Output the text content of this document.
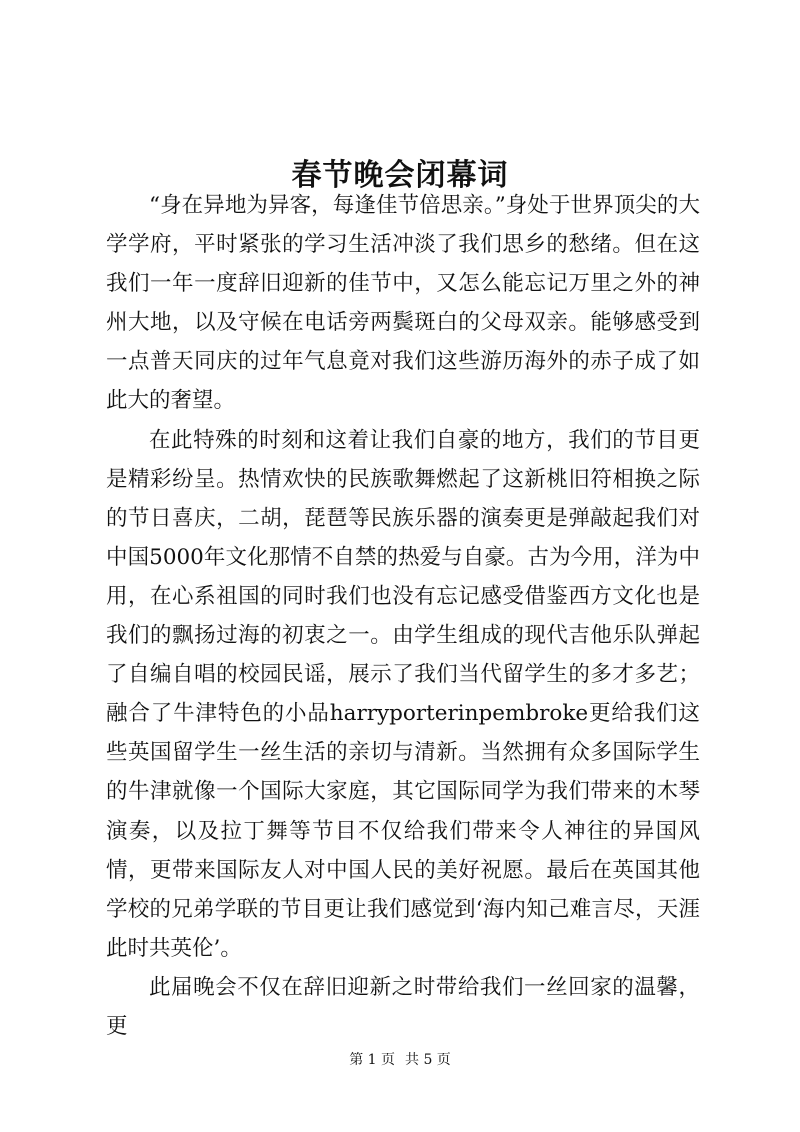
春节晚会闭幕词

“身在异地为异客，每逢佳节倍思亲。”身处于世界顶尖的大学学府，平时紧张的学习生活冲淡了我们思乡的愁绪。但在这我们一年一度辞旧迎新的佳节中，又怎么能忘记万里之外的神州大地，以及守候在电话旁两鬓斑白的父母双亲。能够感受到一点普天同庆的过年气息竟对我们这些游历海外的赤子成了如此大的奢望。

在此特殊的时刻和这着让我们自豪的地方，我们的节目更是精彩纷呈。热情欢快的民族歌舞燃起了这新桃旧符相换之际的节日喜庆，二胡，琵琶等民族乐器的演奏更是弹敲起我们对中国5000年文化那情不自禁的热爱与自豪。古为今用，洋为中用，在心系祖国的同时我们也没有忘记感受借鉴西方文化也是我们的飘扬过海的初衷之一。由学生组成的现代吉他乐队弹起了自编自唱的校园民谣，展示了我们当代留学生的多才多艺；融合了牛津特色的小品harryporterinpembroke更给我们这些英国留学生一丝生活的亲切与清新。当然拥有众多国际学生的牛津就像一个国际大家庭，其它国际同学为我们带来的木琴演奏，以及拉丁舞等节目不仅给我们带来令人神往的异国风情，更带来国际友人对中国人民的美好祝愿。最后在英国其他学校的兄弟学联的节目更让我们感觉到‘海内知己难言尽，天涯此时共英伦’。

此届晚会不仅在辞旧迎新之时带给我们一丝回家的温馨，更

第 1 页 共 5 页
